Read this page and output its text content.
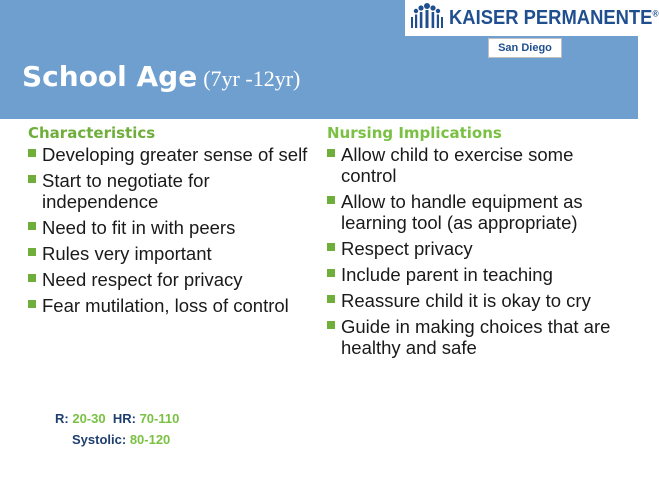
KAISER PERMANENTE®
San Diego
School Age (7yr -12yr)
Characteristics
Developing greater sense of self
Start to negotiate for independence
Need to fit in with peers
Rules very important
Need respect for privacy
Fear mutilation, loss of control
Nursing Implications
Allow child to exercise some control
Allow to handle equipment as learning tool (as appropriate)
Respect privacy
Include parent in teaching
Reassure child it is okay to cry
Guide in making choices that are healthy and safe
R: 20-30 HR: 70-110
Systolic: 80-120
